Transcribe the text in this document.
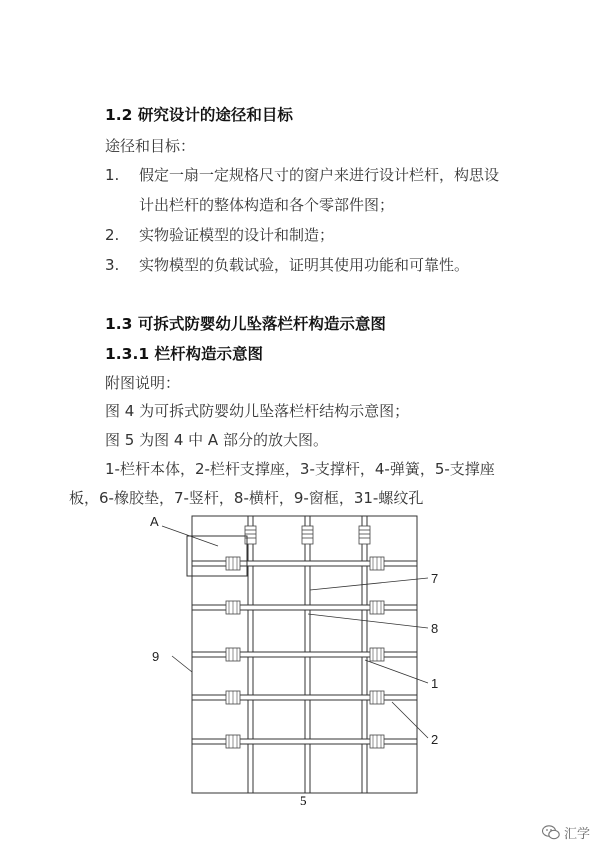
1.2 研究设计的途径和目标

途径和目标：

1. 假定一扇一定规格尺寸的窗户来进行设计栏杆，构思设

计出栏杆的整体构造和各个零部件图；

2. 实物验证模型的设计和制造；

3. 实物模型的负载试验，证明其使用功能和可靠性。

1.3 可拆式防婴幼儿坠落栏杆构造示意图

1.3.1 栏杆构造示意图

附图说明：

图 4 为可拆式防婴幼儿坠落栏杆结构示意图；

图 5 为图 4 中 A 部分的放大图。

1-栏杆本体，2-栏杆支撑座，3-支撑杆，4-弹簧，5-支撑座

板，6-橡胶垫，7-竖杆，8-横杆，9-窗框，31-螺纹孔

A
7
8
9
1
2
5
汇学
